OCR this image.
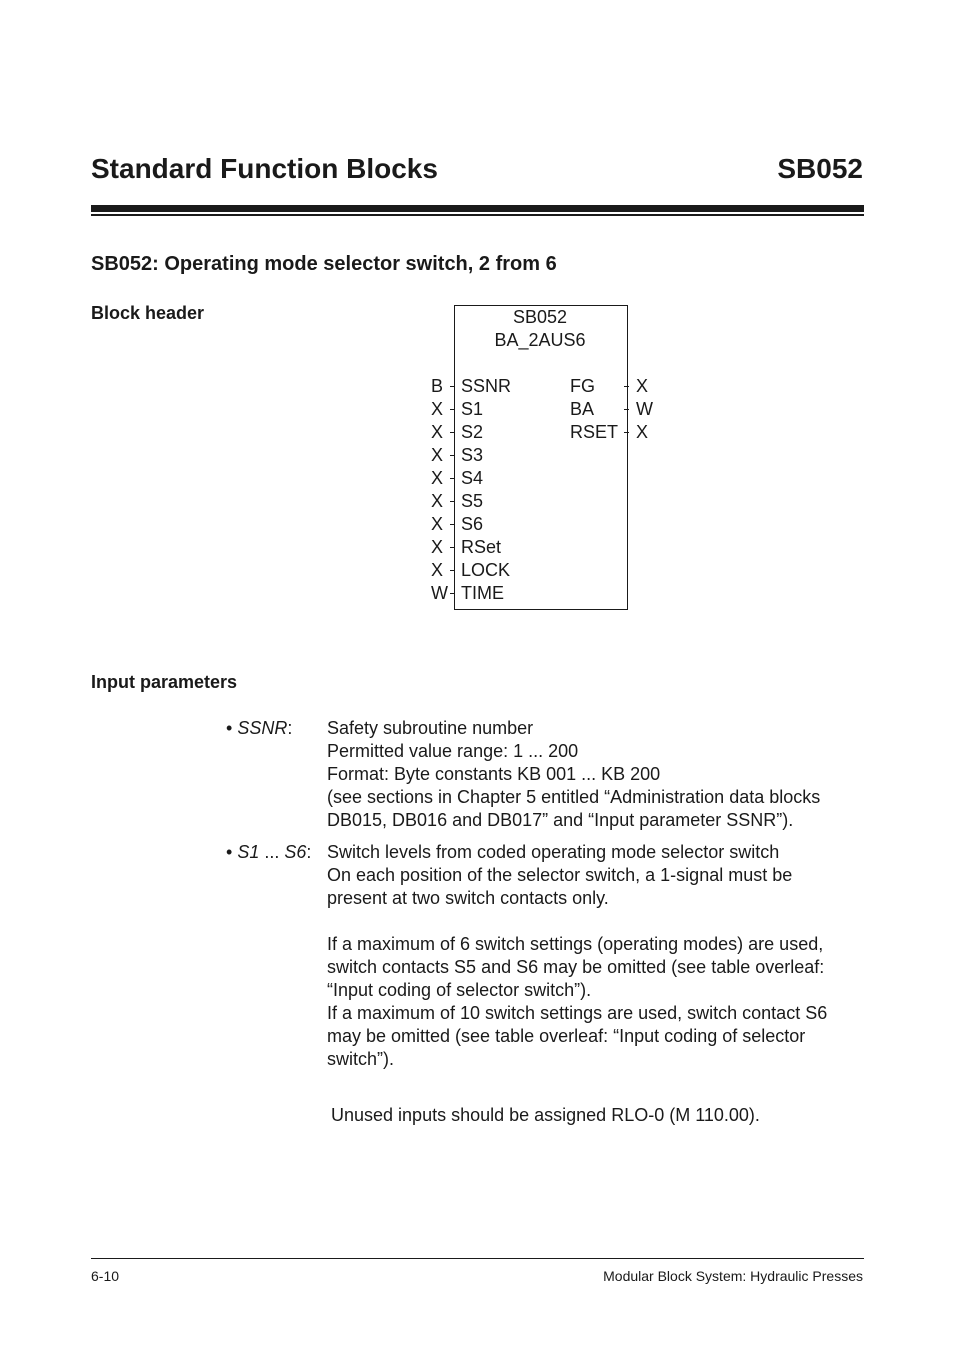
Standard Function Blocks	SB052
SB052: Operating mode selector switch, 2 from 6
Block header	SB052
BA_2AUS6
B SSNR
X S1
X S2
X S3
X S4
X S5
X S6
X RSet
X LOCK
W TIME
FG X
BA W
RSET X
Input parameters
• SSNR: Safety subroutine number
Permitted value range: 1 ... 200
Format: Byte constants KB 001 ... KB 200
(see sections in Chapter 5 entitled “Administration data blocks
DB015, DB016 and DB017” and “Input parameter SSNR”).
• S1 ... S6: Switch levels from coded operating mode selector switch
On each position of the selector switch, a 1-signal must be
present at two switch contacts only.
If a maximum of 6 switch settings (operating modes) are used,
switch contacts S5 and S6 may be omitted (see table overleaf:
“Input coding of selector switch”).
If a maximum of 10 switch settings are used, switch contact S6
may be omitted (see table overleaf: “Input coding of selector
switch”).
Unused inputs should be assigned RLO-0 (M 110.00).
6-10	Modular Block System: Hydraulic Presses
